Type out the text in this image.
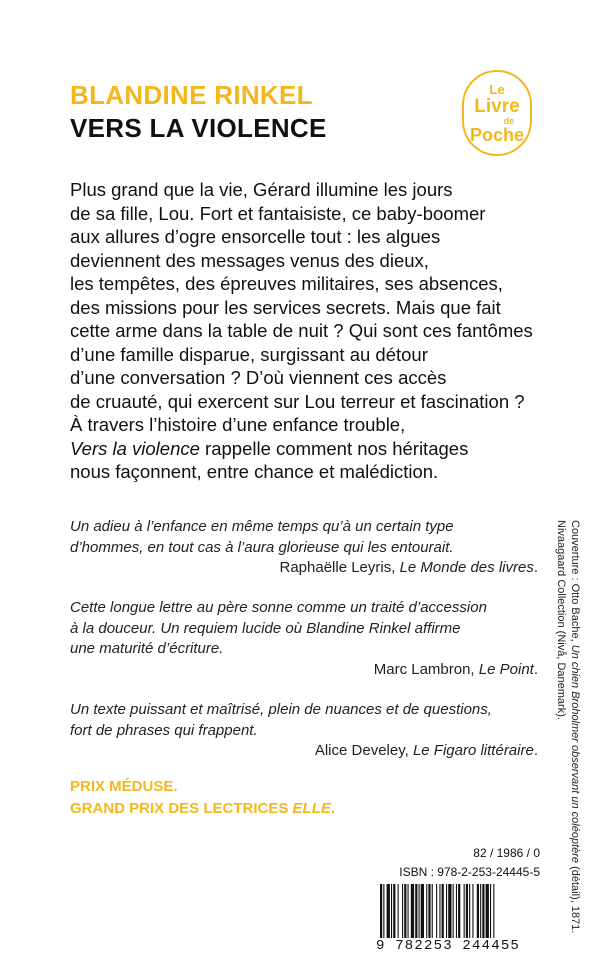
BLANDINE RINKEL
VERS LA VIOLENCE
Le
Livre
de
Poche
Plus grand que la vie, Gérard illumine les jours
de sa fille, Lou. Fort et fantaisiste, ce baby-boomer
aux allures d’ogre ensorcelle tout : les algues
deviennent des messages venus des dieux,
les tempêtes, des épreuves militaires, ses absences,
des missions pour les services secrets. Mais que fait
cette arme dans la table de nuit ? Qui sont ces fantômes
d’une famille disparue, surgissant au détour
d’une conversation ? D’où viennent ces accès
de cruauté, qui exercent sur Lou terreur et fascination ?
À travers l’histoire d’une enfance trouble,
Vers la violence rappelle comment nos héritages
nous façonnent, entre chance et malédiction.
Un adieu à l’enfance en même temps qu’à un certain type
d’hommes, en tout cas à l’aura glorieuse qui les entourait.
Raphaëlle Leyris, Le Monde des livres.
Cette longue lettre au père sonne comme un traité d’accession
à la douceur. Un requiem lucide où Blandine Rinkel affirme
une maturité d’écriture.
Marc Lambron, Le Point.
Un texte puissant et maîtrisé, plein de nuances et de questions,
fort de phrases qui frappent.
Alice Develey, Le Figaro littéraire.
PRIX MÉDUSE.
GRAND PRIX DES LECTRICES ELLE.
82 / 1986 / 0
ISBN : 978-2-253-24445-5
9 782253 244455
Couverture : Otto Bache, Un chien Broholmer observant un coléoptère (détail), 1871.
Nivaagaard Collection (Nivå, Danemark).
